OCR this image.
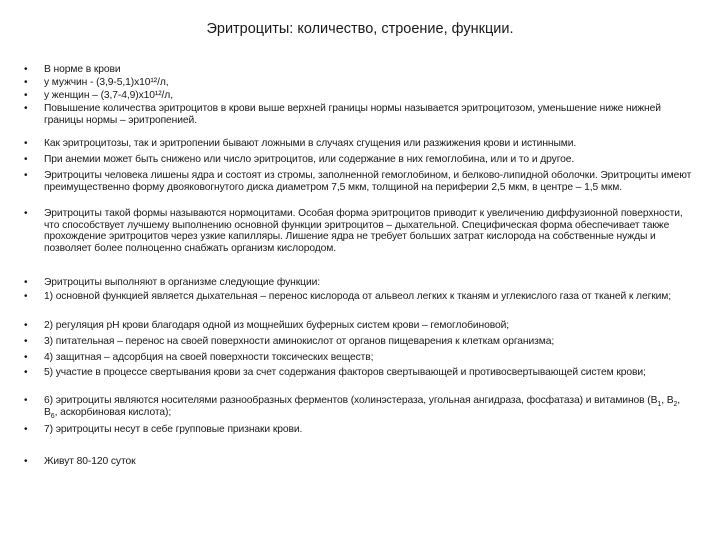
Эритроциты: количество, строение, функции.
• В норме в крови
• у мужчин - (3,9-5,1)x10¹²/л,
• у женщин – (3,7-4,9)x10¹²/л,
• Повышение количества эритроцитов в крови выше верхней границы нормы называется эритроцитозом, уменьшение ниже нижней границы нормы – эритропенией.
• Как эритроцитозы, так и эритропении бывают ложными в случаях сгущения или разжижения крови и истинными.
• При анемии может быть снижено или число эритроцитов, или содержание в них гемоглобина, или и то и другое.
• Эритроциты человека лишены ядра и состоят из стромы, заполненной гемоглобином, и белково-липидной оболочки. Эритроциты имеют преимущественно форму двояковогнутого диска диаметром 7,5 мкм, толщиной на периферии 2,5 мкм, в центре – 1,5 мкм.
• Эритроциты такой формы называются нормоцитами. Особая форма эритроцитов приводит к увеличению диффузионной поверхности, что способствует лучшему выполнению основной функции эритроцитов – дыхательной. Специфическая форма обеспечивает также прохождение эритроцитов через узкие капилляры. Лишение ядра не требует больших затрат кислорода на собственные нужды и позволяет более полноценно снабжать организм кислородом.
• Эритроциты выполняют в организме следующие функции:
• 1) основной функцией является дыхательная – перенос кислорода от альвеол легких к тканям и углекислого газа от тканей к легким;
• 2) регуляция pH крови благодаря одной из мощнейших буферных систем крови – гемоглобиновой;
• 3) питательная – перенос на своей поверхности аминокислот от органов пищеварения к клеткам организма;
• 4) защитная – адсорбция на своей поверхности токсических веществ;
• 5) участие в процессе свертывания крови за счет содержания факторов свертывающей и противосвертывающей систем крови;
• 6) эритроциты являются носителями разнообразных ферментов (холинэстераза, угольная ангидраза, фосфатаза) и витаминов ($B_1$, $B_2$, $B_6$, аскорбиновая кислота);
• 7) эритроциты несут в себе групповые признаки крови.
• Живут 80-120 суток
